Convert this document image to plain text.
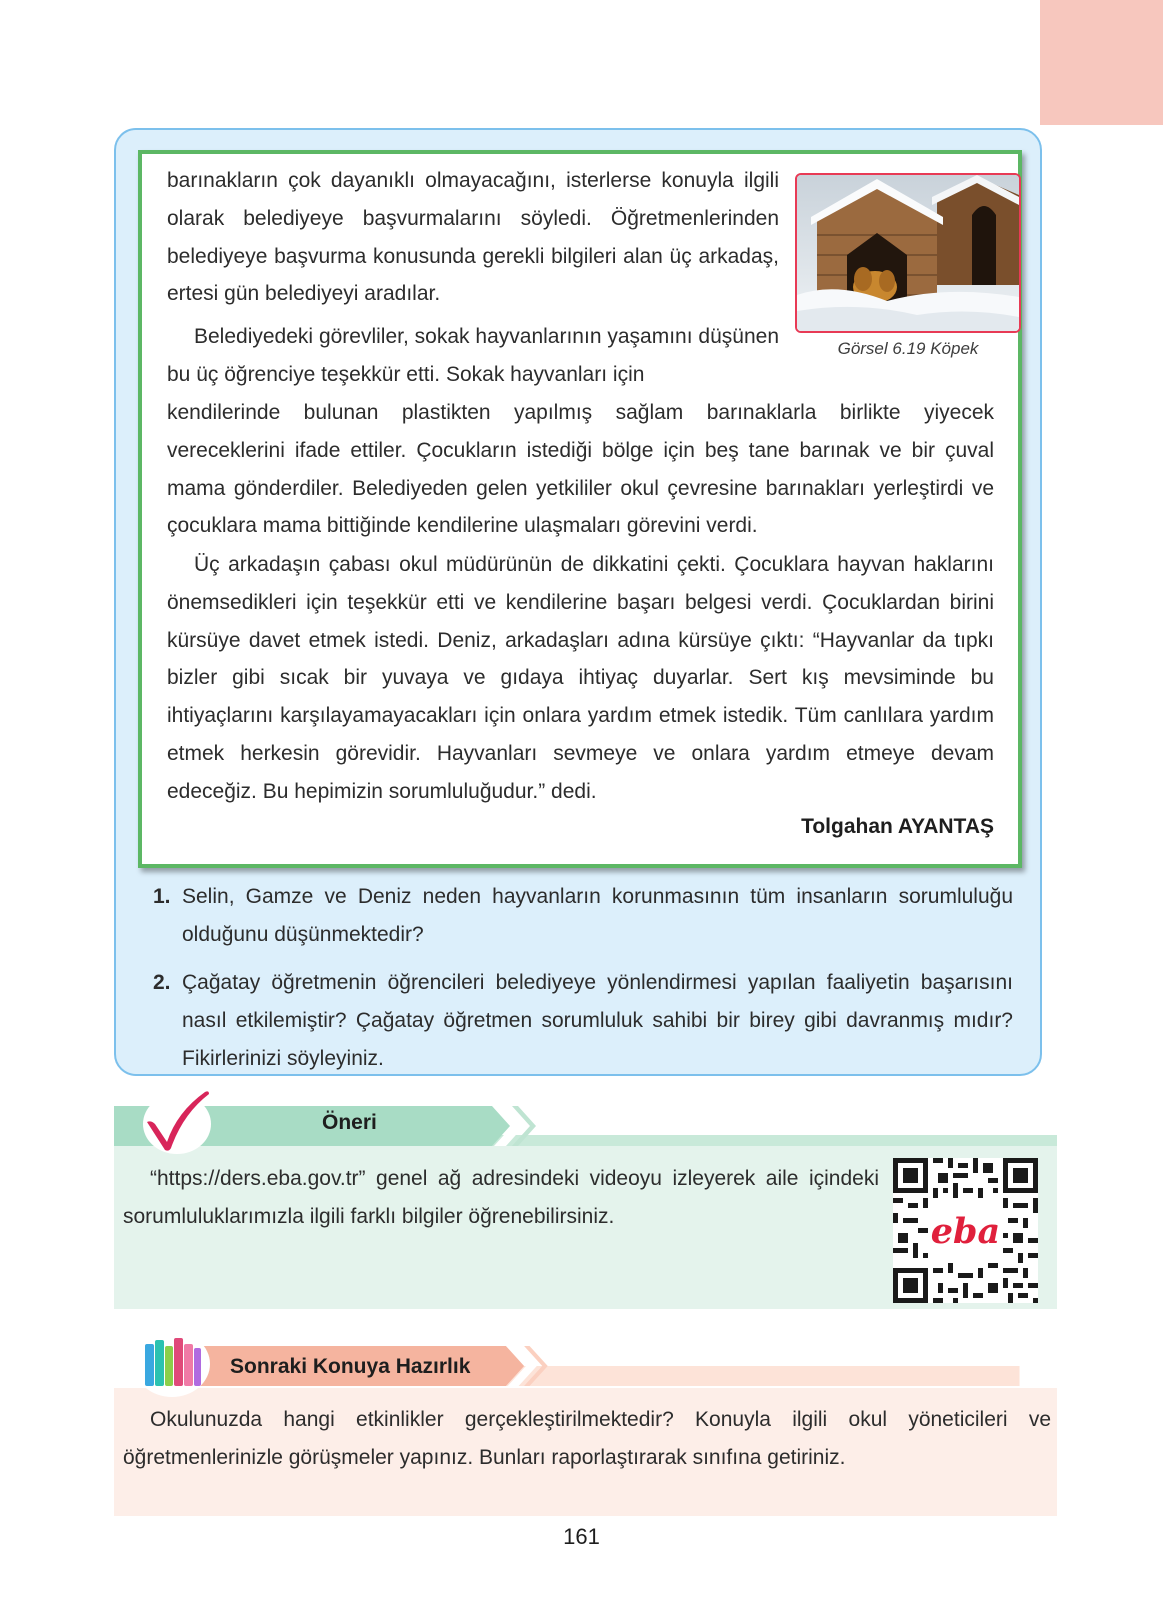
barınakların çok dayanıklı olmayacağını, isterlerse konuyla ilgili olarak belediyeye başvurmalarını söyledi. Öğretmenlerinden belediyeye başvurma konusunda gerekli bilgileri alan üç arkadaş, ertesi gün belediyeyi aradılar.

Belediyedeki görevliler, sokak hayvanlarının yaşamını düşünen bu üç öğrenciye teşekkür etti. Sokak hayvanları için

kendilerinde bulunan plastikten yapılmış sağlam barınaklarla birlikte yiyecek vereceklerini ifade ettiler. Çocukların istediği bölge için beş tane barınak ve bir çuval mama gönderdiler. Belediyeden gelen yetkililer okul çevresine barınakları yerleştirdi ve çocuklara mama bittiğinde kendilerine ulaşmaları görevini verdi.

Üç arkadaşın çabası okul müdürünün de dikkatini çekti. Çocuklara hayvan haklarını önemsedikleri için teşekkür etti ve kendilerine başarı belgesi verdi. Çocuklardan birini kürsüye davet etmek istedi. Deniz, arkadaşları adına kürsüye çıktı: “Hayvanlar da tıpkı bizler gibi sıcak bir yuvaya ve gıdaya ihtiyaç duyarlar. Sert kış mevsiminde bu ihtiyaçlarını karşılayamayacakları için onlara yardım etmek istedik. Tüm canlılara yardım etmek herkesin görevidir. Hayvanları sevmeye ve onlara yardım etmeye devam edeceğiz. Bu hepimizin sorumluluğudur.” dedi.

Tolgahan AYANTAŞ
Görsel 6.19 Köpek
1. Selin, Gamze ve Deniz neden hayvanların korunmasının tüm insanların sorumluluğu olduğunu düşünmektedir?
2. Çağatay öğretmenin öğrencileri belediyeye yönlendirmesi yapılan faaliyetin başarısını nasıl etkilemiştir? Çağatay öğretmen sorumluluk sahibi bir birey gibi davranmış mıdır? Fikirlerinizi söyleyiniz.
Öneri

“https://ders.eba.gov.tr” genel ağ adresindeki videoyu izleyerek aile içindeki sorumluluklarımızla ilgili farklı bilgiler öğrenebilirsiniz.	eba
Sonraki Konuya Hazırlık

Okulunuzda hangi etkinlikler gerçekleştirilmektedir? Konuyla ilgili okul yöneticileri ve öğretmenlerinizle görüşmeler yapınız. Bunları raporlaştırarak sınıfına getiriniz.

161
